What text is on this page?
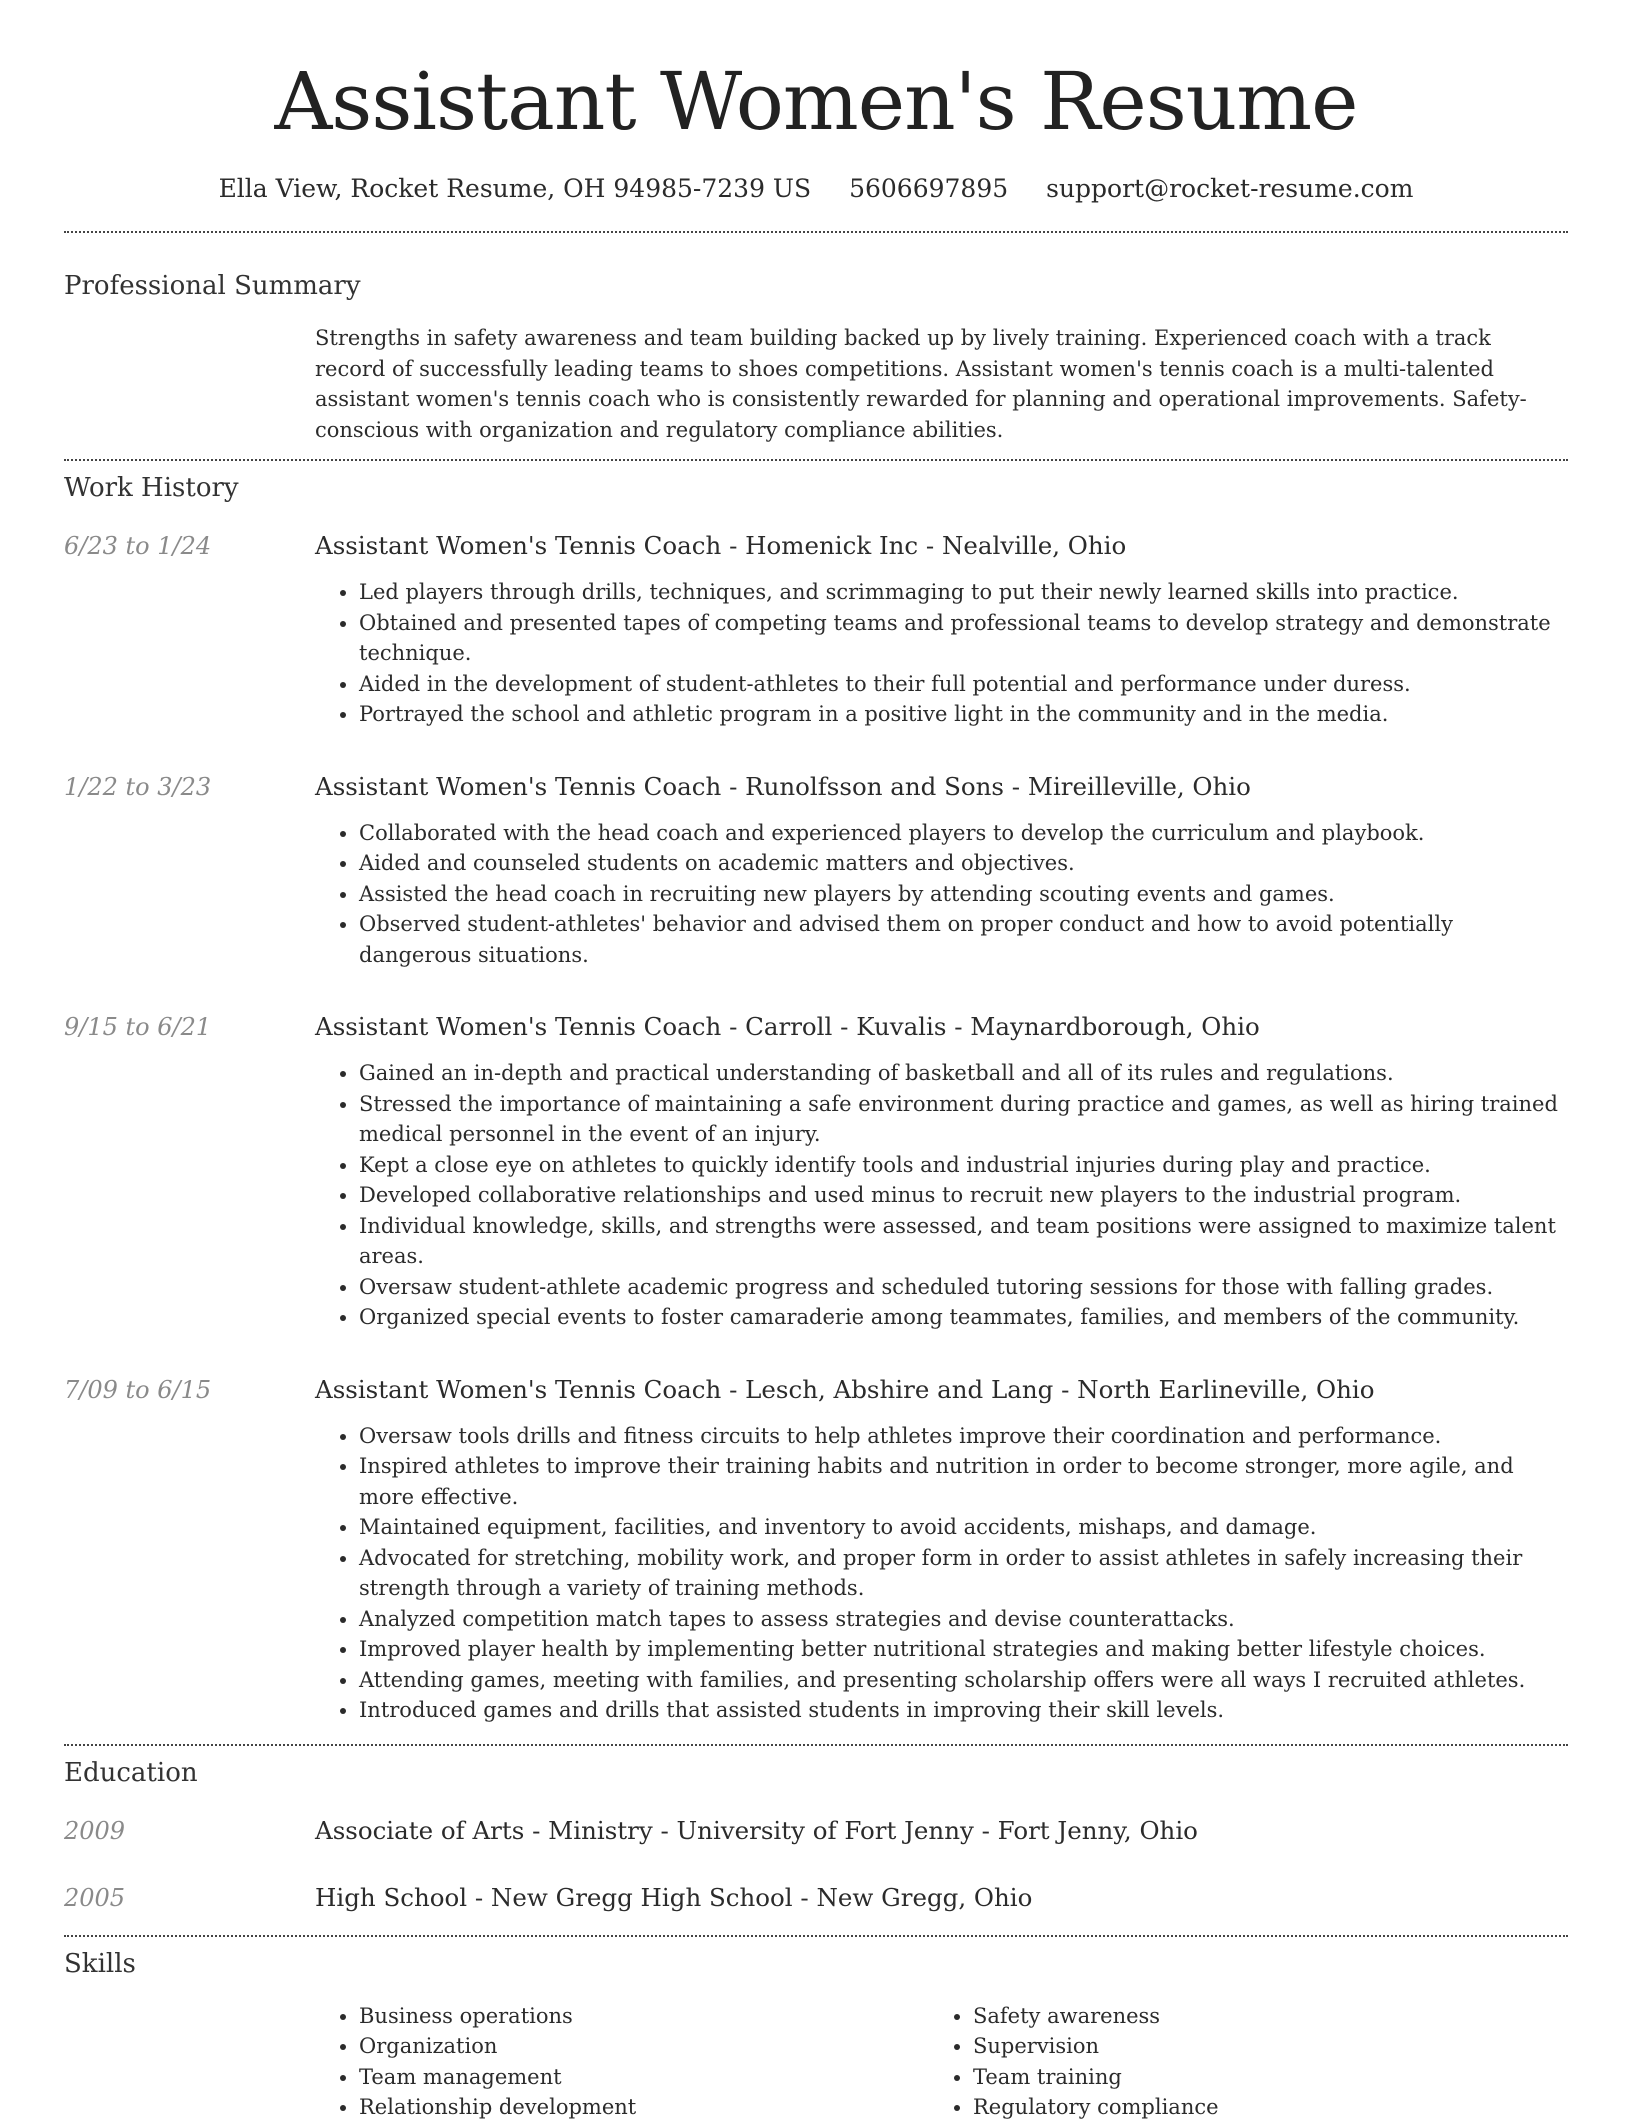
Assistant Women's Resume
Ella View, Rocket Resume, OH 94985-7239 US 5606697895 support@rocket-resume.com
Professional Summary
Strengths in safety awareness and team building backed up by lively training. Experienced coach with a track record of successfully leading teams to shoes competitions. Assistant women's tennis coach is a multi-talented assistant women's tennis coach who is consistently rewarded for planning and operational improvements. Safety-conscious with organization and regulatory compliance abilities.
Work History
6/23 to 1/24	Assistant Women's Tennis Coach - Homenick Inc - Nealville, Ohio
• Led players through drills, techniques, and scrimmaging to put their newly learned skills into practice.
• Obtained and presented tapes of competing teams and professional teams to develop strategy and demonstrate technique.
• Aided in the development of student-athletes to their full potential and performance under duress.
• Portrayed the school and athletic program in a positive light in the community and in the media.
1/22 to 3/23	Assistant Women's Tennis Coach - Runolfsson and Sons - Mireilleville, Ohio
• Collaborated with the head coach and experienced players to develop the curriculum and playbook.
• Aided and counseled students on academic matters and objectives.
• Assisted the head coach in recruiting new players by attending scouting events and games.
• Observed student-athletes' behavior and advised them on proper conduct and how to avoid potentially dangerous situations.
9/15 to 6/21	Assistant Women's Tennis Coach - Carroll - Kuvalis - Maynardborough, Ohio
• Gained an in-depth and practical understanding of basketball and all of its rules and regulations.
• Stressed the importance of maintaining a safe environment during practice and games, as well as hiring trained medical personnel in the event of an injury.
• Kept a close eye on athletes to quickly identify tools and industrial injuries during play and practice.
• Developed collaborative relationships and used minus to recruit new players to the industrial program.
• Individual knowledge, skills, and strengths were assessed, and team positions were assigned to maximize talent areas.
• Oversaw student-athlete academic progress and scheduled tutoring sessions for those with falling grades.
• Organized special events to foster camaraderie among teammates, families, and members of the community.
7/09 to 6/15	Assistant Women's Tennis Coach - Lesch, Abshire and Lang - North Earlineville, Ohio
• Oversaw tools drills and fitness circuits to help athletes improve their coordination and performance.
• Inspired athletes to improve their training habits and nutrition in order to become stronger, more agile, and more effective.
• Maintained equipment, facilities, and inventory to avoid accidents, mishaps, and damage.
• Advocated for stretching, mobility work, and proper form in order to assist athletes in safely increasing their strength through a variety of training methods.
• Analyzed competition match tapes to assess strategies and devise counterattacks.
• Improved player health by implementing better nutritional strategies and making better lifestyle choices.
• Attending games, meeting with families, and presenting scholarship offers were all ways I recruited athletes.
• Introduced games and drills that assisted students in improving their skill levels.
Education
2009	Associate of Arts - Ministry - University of Fort Jenny - Fort Jenny, Ohio
2005	High School - New Gregg High School - New Gregg, Ohio
Skills
• Business operations
• Organization
• Team management
• Relationship development
• Safety awareness
• Supervision
• Team training
• Regulatory compliance
